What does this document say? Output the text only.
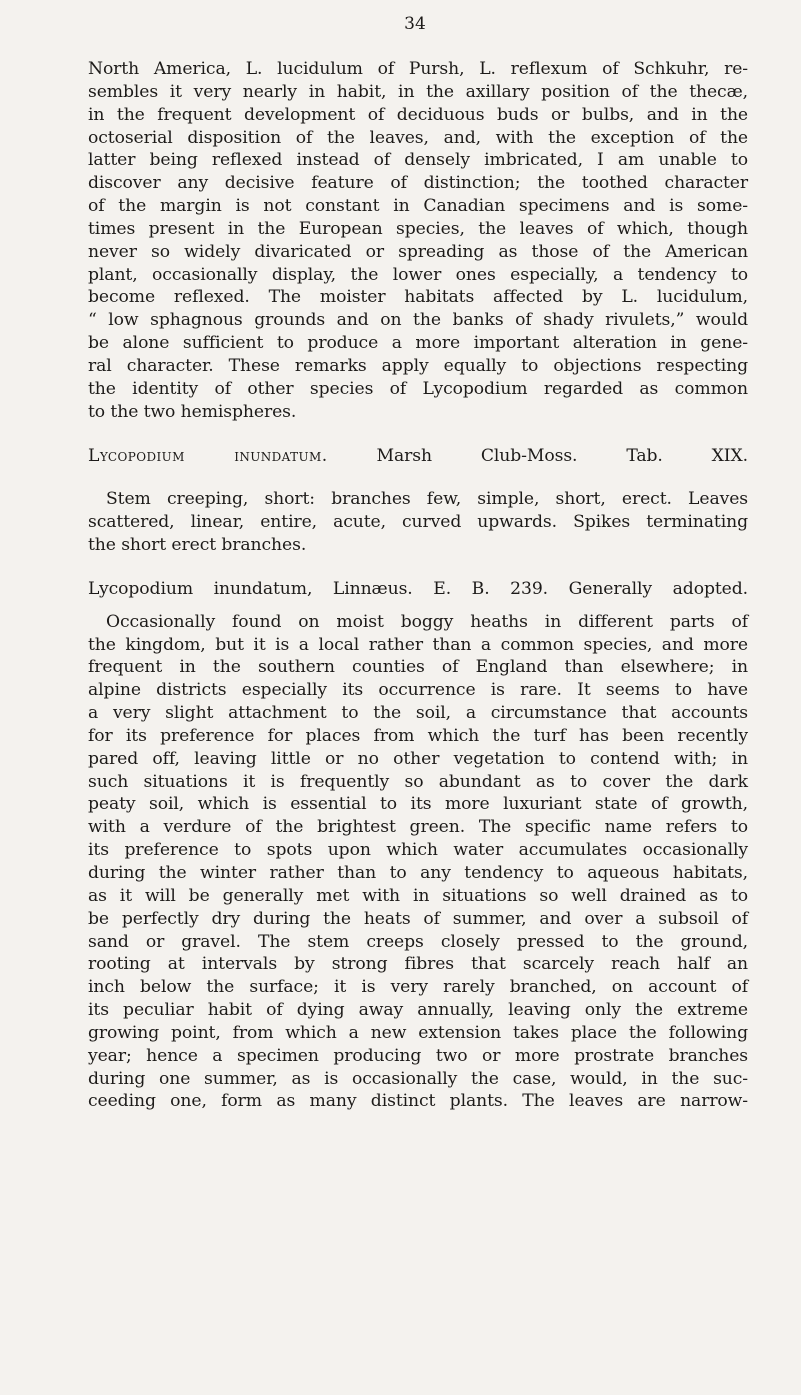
34
North America, L. lucidulum of Pursh, L. reflexum of Schkuhr, re-
sembles it very nearly in habit, in the axillary position of the thecæ,
in the frequent development of deciduous buds or bulbs, and in the
octoserial disposition of the leaves, and, with the exception of the
latter being reflexed instead of densely imbricated, I am unable to
discover any decisive feature of distinction; the toothed character
of the margin is not constant in Canadian specimens and is some-
times present in the European species, the leaves of which, though
never so widely divaricated or spreading as those of the American
plant, occasionally display, the lower ones especially, a tendency to
become reflexed. The moister habitats affected by L. lucidulum,
“ low sphagnous grounds and on the banks of shady rivulets,” would
be alone sufficient to produce a more important alteration in gene-
ral character. These remarks apply equally to objections respecting
the identity of other species of Lycopodium regarded as common
to the two hemispheres.
Lycopodium inundatum.	Marsh Club-Moss.	Tab. XIX.
Stem creeping, short: branches few, simple, short, erect. Leaves
scattered, linear, entire, acute, curved upwards. Spikes terminating
the short erect branches.
Lycopodium inundatum, Linnæus. E. B. 239. Generally adopted.
Occasionally found on moist boggy heaths in different parts of
the kingdom, but it is a local rather than a common species, and more
frequent in the southern counties of England than elsewhere; in
alpine districts especially its occurrence is rare. It seems to have
a very slight attachment to the soil, a circumstance that accounts
for its preference for places from which the turf has been recently
pared off, leaving little or no other vegetation to contend with; in
such situations it is frequently so abundant as to cover the dark
peaty soil, which is essential to its more luxuriant state of growth,
with a verdure of the brightest green. The specific name refers to
its preference to spots upon which water accumulates occasionally
during the winter rather than to any tendency to aqueous habitats,
as it will be generally met with in situations so well drained as to
be perfectly dry during the heats of summer, and over a subsoil of
sand or gravel. The stem creeps closely pressed to the ground,
rooting at intervals by strong fibres that scarcely reach half an
inch below the surface; it is very rarely branched, on account of
its peculiar habit of dying away annually, leaving only the extreme
growing point, from which a new extension takes place the following
year; hence a specimen producing two or more prostrate branches
during one summer, as is occasionally the case, would, in the suc-
ceeding one, form as many distinct plants. The leaves are narrow-
